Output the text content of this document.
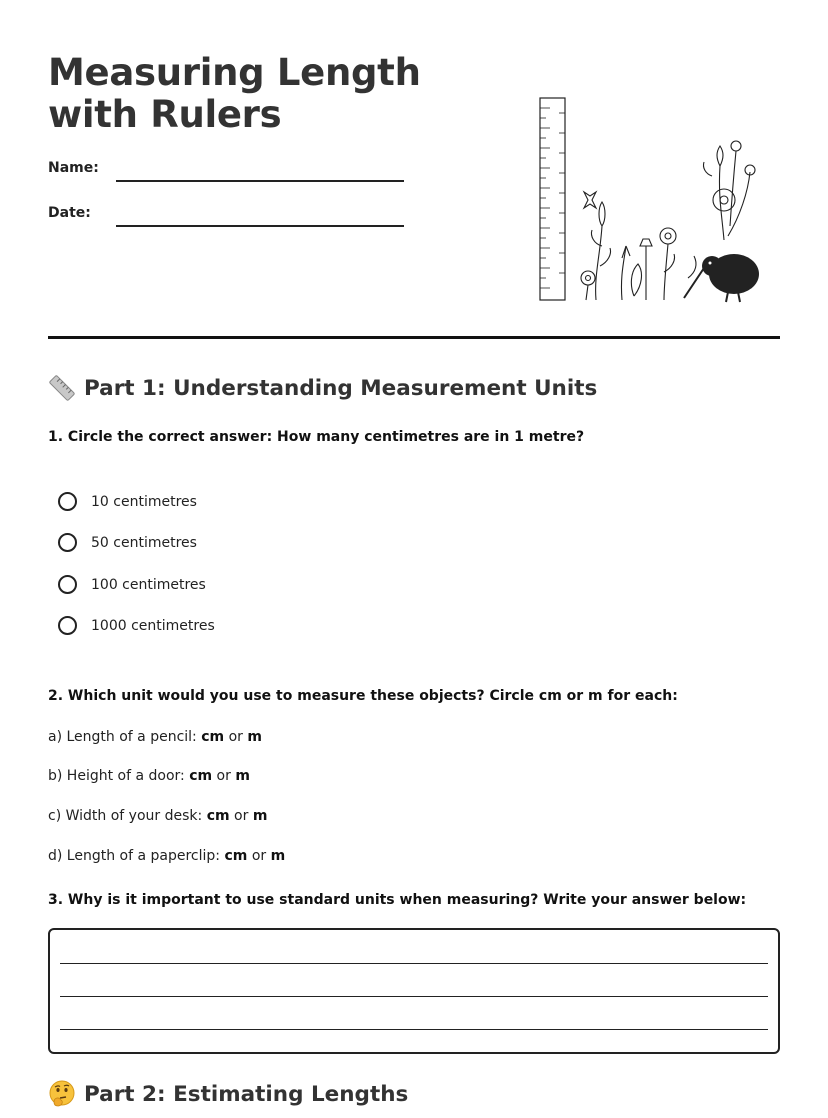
Measuring Length with Rulers
Name:
Date:
Part 1: Understanding Measurement Units
1. Circle the correct answer: How many centimetres are in 1 metre?
10 centimetres
50 centimetres
100 centimetres
1000 centimetres
2. Which unit would you use to measure these objects? Circle cm or m for each:
a) Length of a pencil: cm or m
b) Height of a door: cm or m
c) Width of your desk: cm or m
d) Length of a paperclip: cm or m
3. Why is it important to use standard units when measuring? Write your answer below:
Part 2: Estimating Lengths
